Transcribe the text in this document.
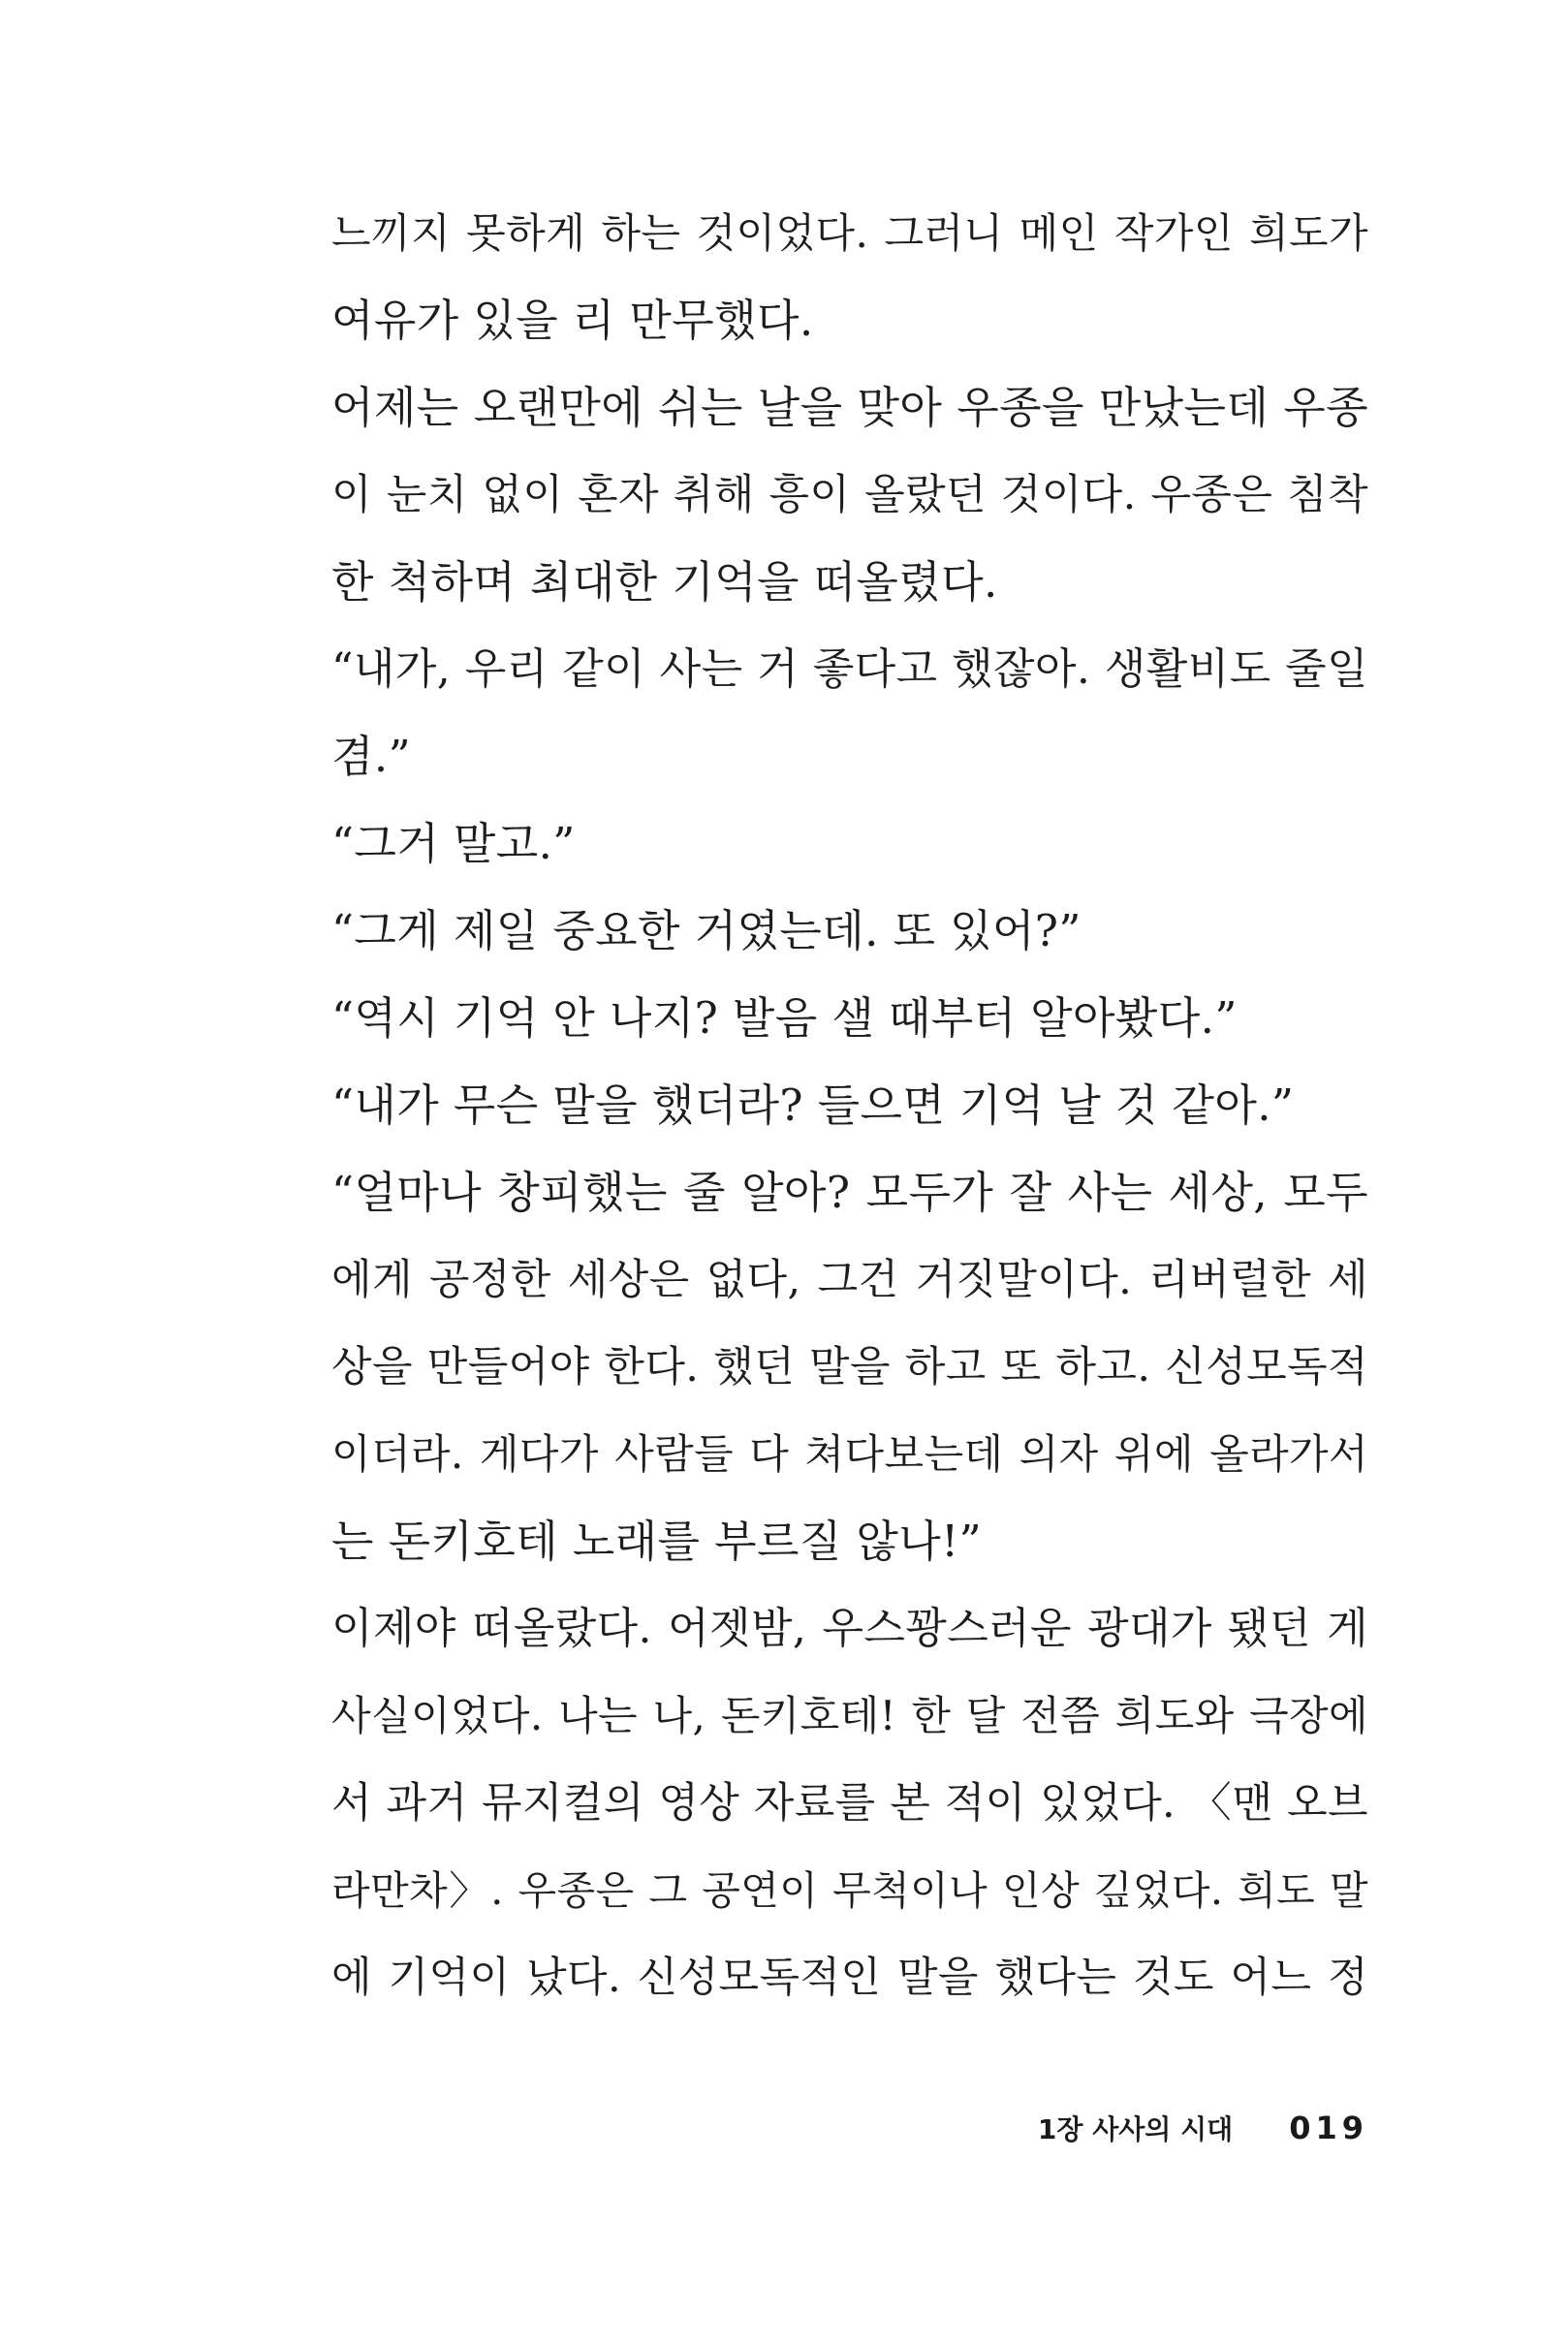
느끼지 못하게 하는 것이었다. 그러니 메인 작가인 희도가
여유가 있을 리 만무했다.
어제는 오랜만에 쉬는 날을 맞아 우종을 만났는데 우종
이 눈치 없이 혼자 취해 흥이 올랐던 것이다. 우종은 침착
한 척하며 최대한 기억을 떠올렸다.
“내가, 우리 같이 사는 거 좋다고 했잖아. 생활비도 줄일
겸.”
“그거 말고.”
“그게 제일 중요한 거였는데. 또 있어?”
“역시 기억 안 나지? 발음 샐 때부터 알아봤다.”
“내가 무슨 말을 했더라? 들으면 기억 날 것 같아.”
“얼마나 창피했는 줄 알아? 모두가 잘 사는 세상, 모두
에게 공정한 세상은 없다, 그건 거짓말이다. 리버럴한 세
상을 만들어야 한다. 했던 말을 하고 또 하고. 신성모독적
이더라. 게다가 사람들 다 쳐다보는데 의자 위에 올라가서
는 돈키호테 노래를 부르질 않나!”
이제야 떠올랐다. 어젯밤, 우스꽝스러운 광대가 됐던 게
사실이었다. 나는 나, 돈키호테! 한 달 전쯤 희도와 극장에
서 과거 뮤지컬의 영상 자료를 본 적이 있었다. 〈맨 오브
라만차〉. 우종은 그 공연이 무척이나 인상 깊었다. 희도 말
에 기억이 났다. 신성모독적인 말을 했다는 것도 어느 정
1장 사사의 시대 019
